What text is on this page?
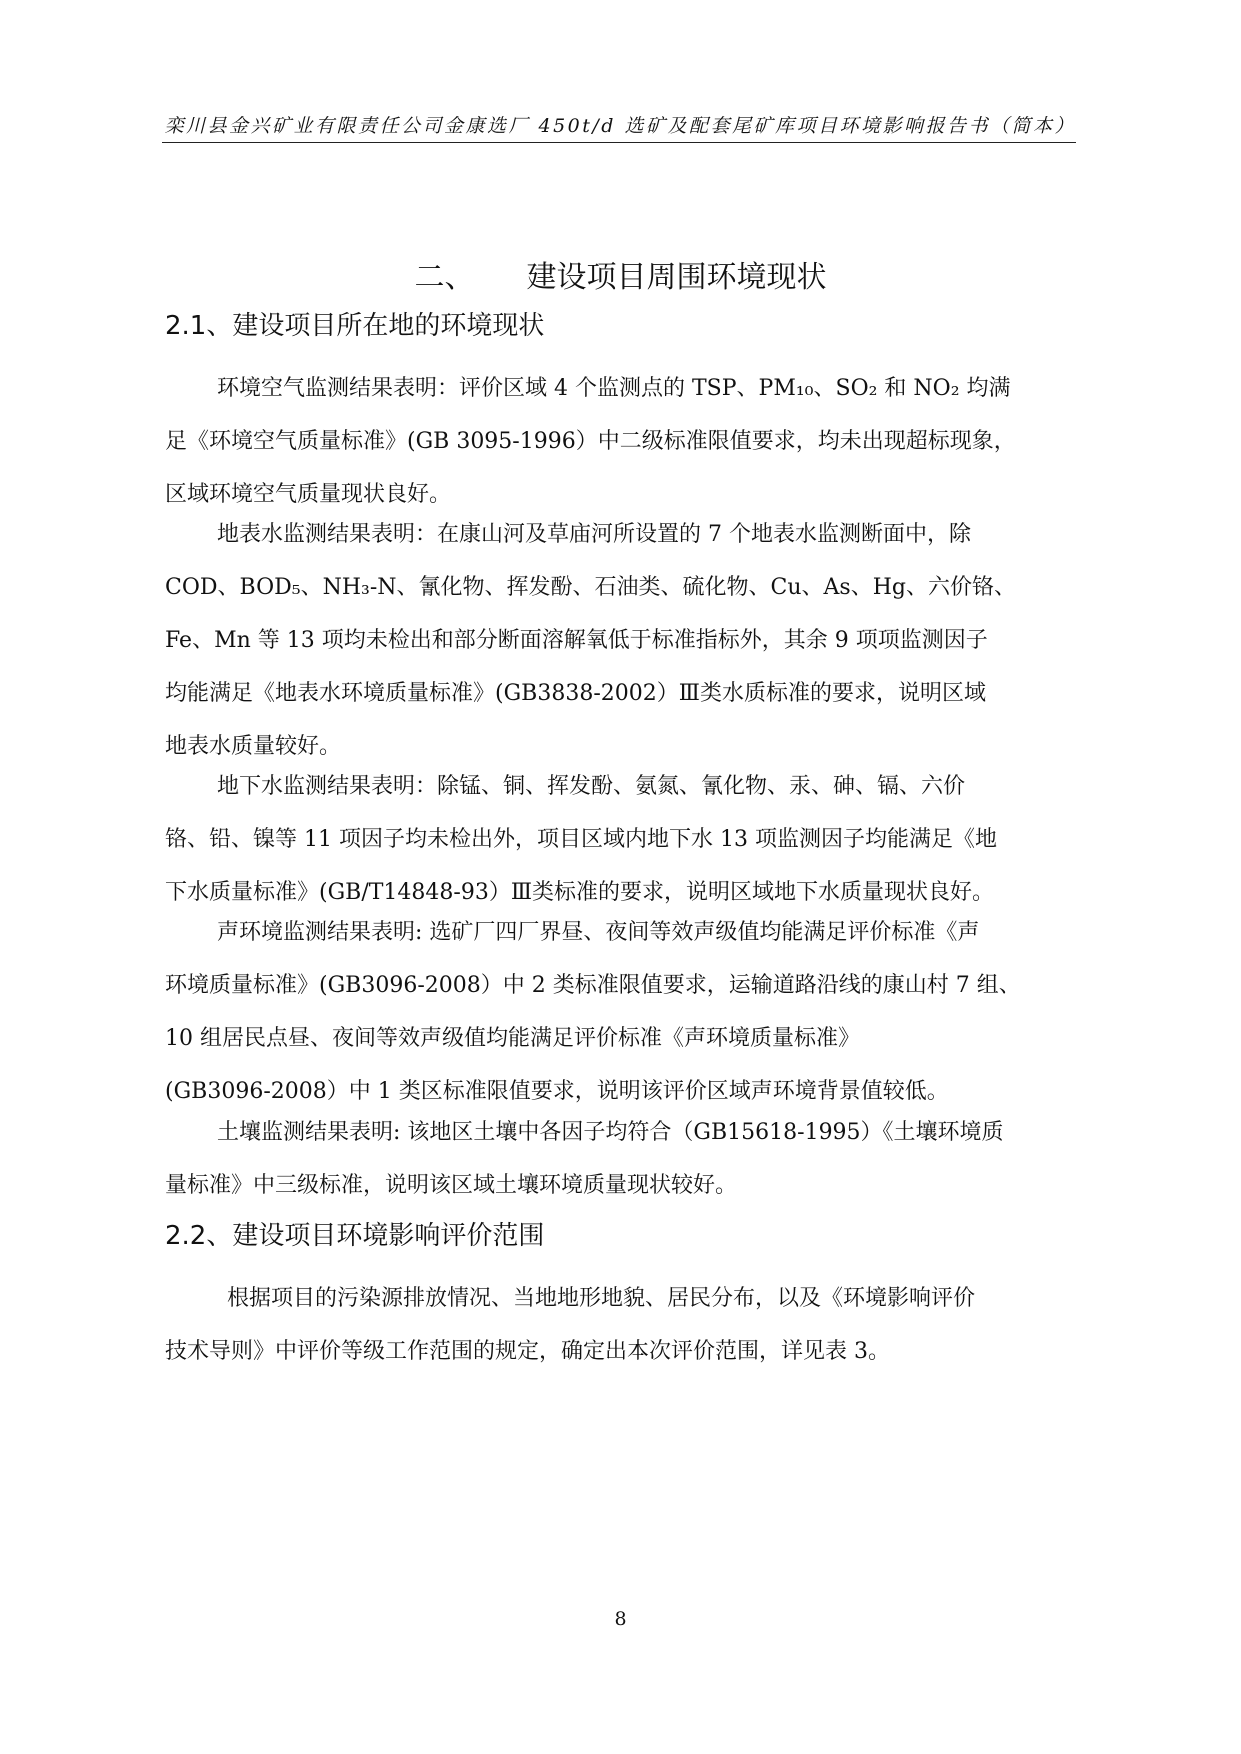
栾川县金兴矿业有限责任公司金康选厂 450t/d 选矿及配套尾矿库项目环境影响报告书（简本）
二、 建设项目周围环境现状
2.1、建设项目所在地的环境现状

环境空气监测结果表明：评价区域 4 个监测点的 TSP、PM₁₀、SO₂ 和 NO₂ 均满
足《环境空气质量标准》(GB 3095-1996）中二级标准限值要求，均未出现超标现象，
区域环境空气质量现状良好。

地表水监测结果表明：在康山河及草庙河所设置的 7 个地表水监测断面中，除
COD、BOD₅、NH₃-N、氰化物、挥发酚、石油类、硫化物、Cu、As、Hg、六价铬、
Fe、Mn 等 13 项均未检出和部分断面溶解氧低于标准指标外，其余 9 项项监测因子
均能满足《地表水环境质量标准》(GB3838-2002）Ⅲ类水质标准的要求，说明区域
地表水质量较好。

地下水监测结果表明：除锰、铜、挥发酚、氨氮、氰化物、汞、砷、镉、六价
铬、铅、镍等 11 项因子均未检出外，项目区域内地下水 13 项监测因子均能满足《地
下水质量标准》(GB/T14848-93）Ⅲ类标准的要求，说明区域地下水质量现状良好。

声环境监测结果表明: 选矿厂四厂界昼、夜间等效声级值均能满足评价标准《声
环境质量标准》(GB3096-2008）中 2 类标准限值要求，运输道路沿线的康山村 7 组、
10 组居民点昼、夜间等效声级值均能满足评价标准《声环境质量标准》
(GB3096-2008）中 1 类区标准限值要求，说明该评价区域声环境背景值较低。

土壤监测结果表明: 该地区土壤中各因子均符合（GB15618-1995）《土壤环境质
量标准》中三级标准，说明该区域土壤环境质量现状较好。

2.2、建设项目环境影响评价范围

根据项目的污染源排放情况、当地地形地貌、居民分布，以及《环境影响评价
技术导则》中评价等级工作范围的规定，确定出本次评价范围，详见表 3。

8
